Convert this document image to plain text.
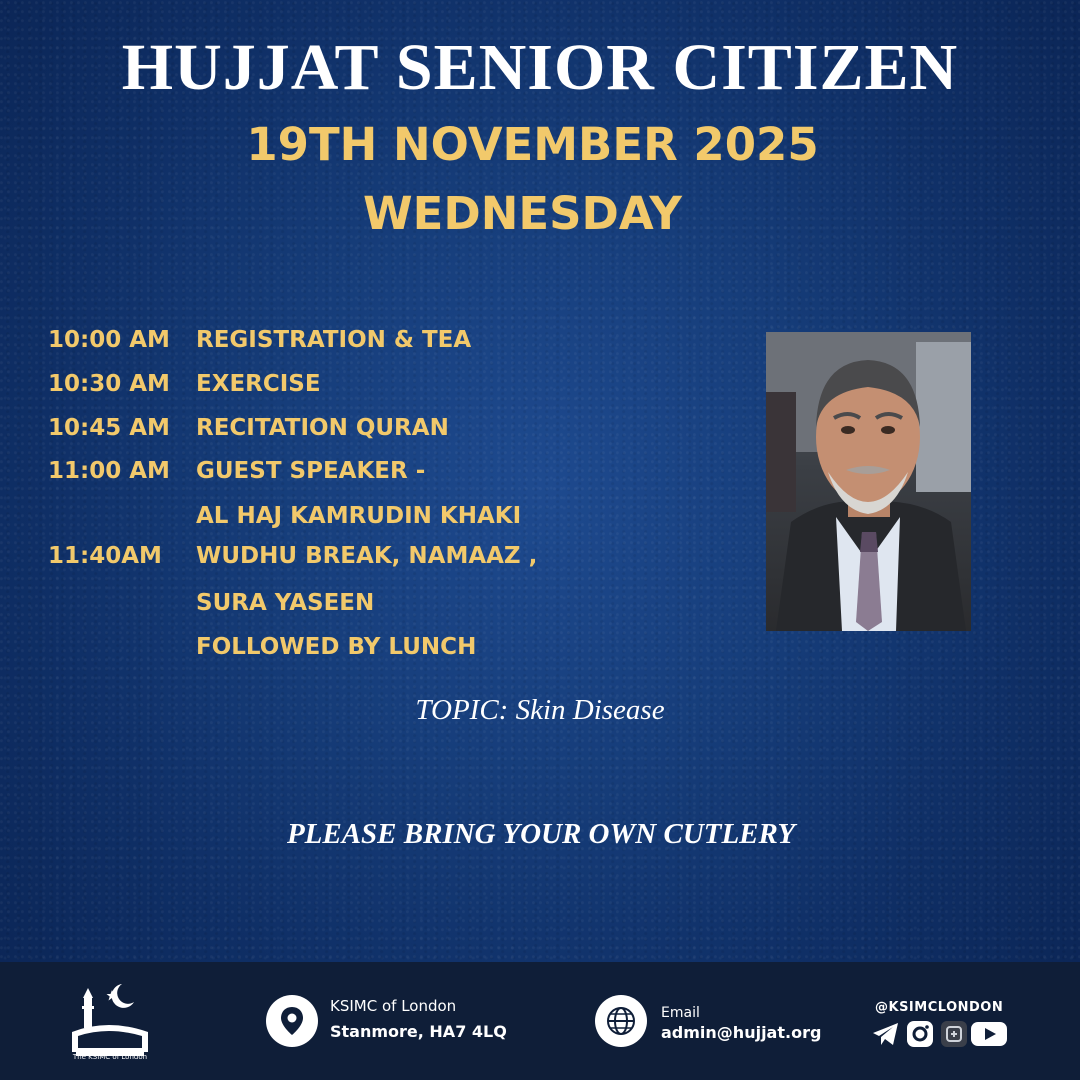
HUJJAT SENIOR CITIZEN
19TH NOVEMBER 2025
WEDNESDAY
10:00 AM	REGISTRATION & TEA
10:30 AM	EXERCISE
10:45 AM	RECITATION QURAN
11:00 AM	GUEST SPEAKER -
AL HAJ KAMRUDIN KHAKI
11:40AM	WUDHU BREAK, NAMAAZ ,
SURA YASEEN
FOLLOWED BY LUNCH

TOPIC: Skin Disease

PLEASE BRING YOUR OWN CUTLERY

The KSIMC of London
KSIMC of London
Stanmore, HA7 4LQ
Email
admin@hujjat.org
@KSIMCLONDON
